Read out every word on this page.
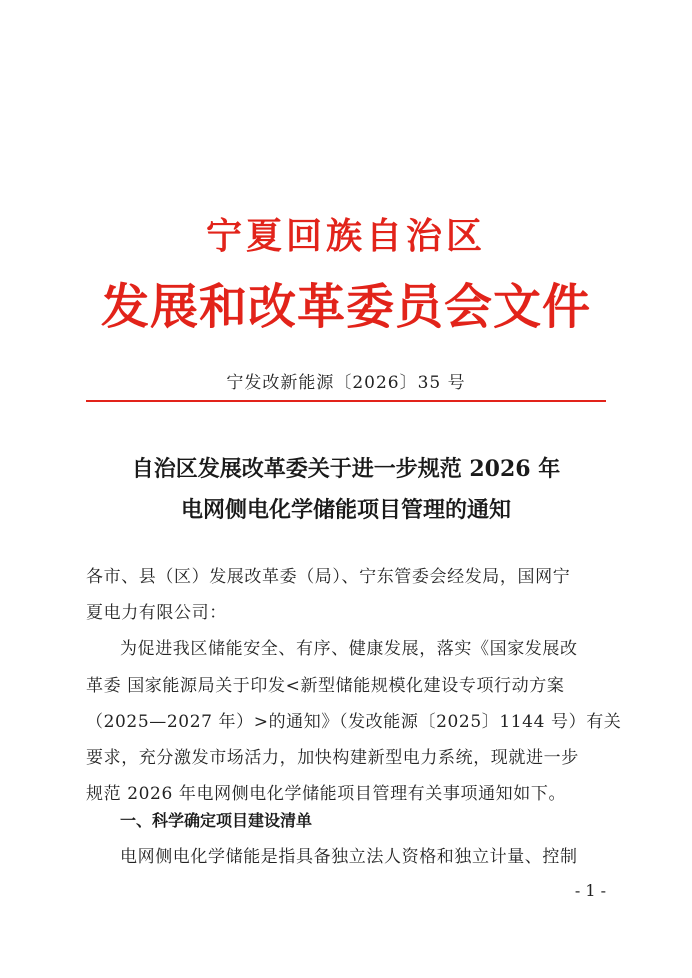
宁夏回族自治区
发展和改革委员会文件
宁发改新能源〔2026〕35 号
自治区发展改革委关于进一步规范 2026 年
电网侧电化学储能项目管理的通知
各市、县（区）发展改革委（局）、宁东管委会经发局，国网宁
夏电力有限公司：
为促进我区储能安全、有序、健康发展，落实《国家发展改
革委 国家能源局关于印发<新型储能规模化建设专项行动方案
（2025—2027 年）>的通知》（发改能源〔2025〕1144 号）有关
要求，充分激发市场活力，加快构建新型电力系统，现就进一步
规范 2026 年电网侧电化学储能项目管理有关事项通知如下。
一、科学确定项目建设清单
电网侧电化学储能是指具备独立法人资格和独立计量、控制
- 1 -
